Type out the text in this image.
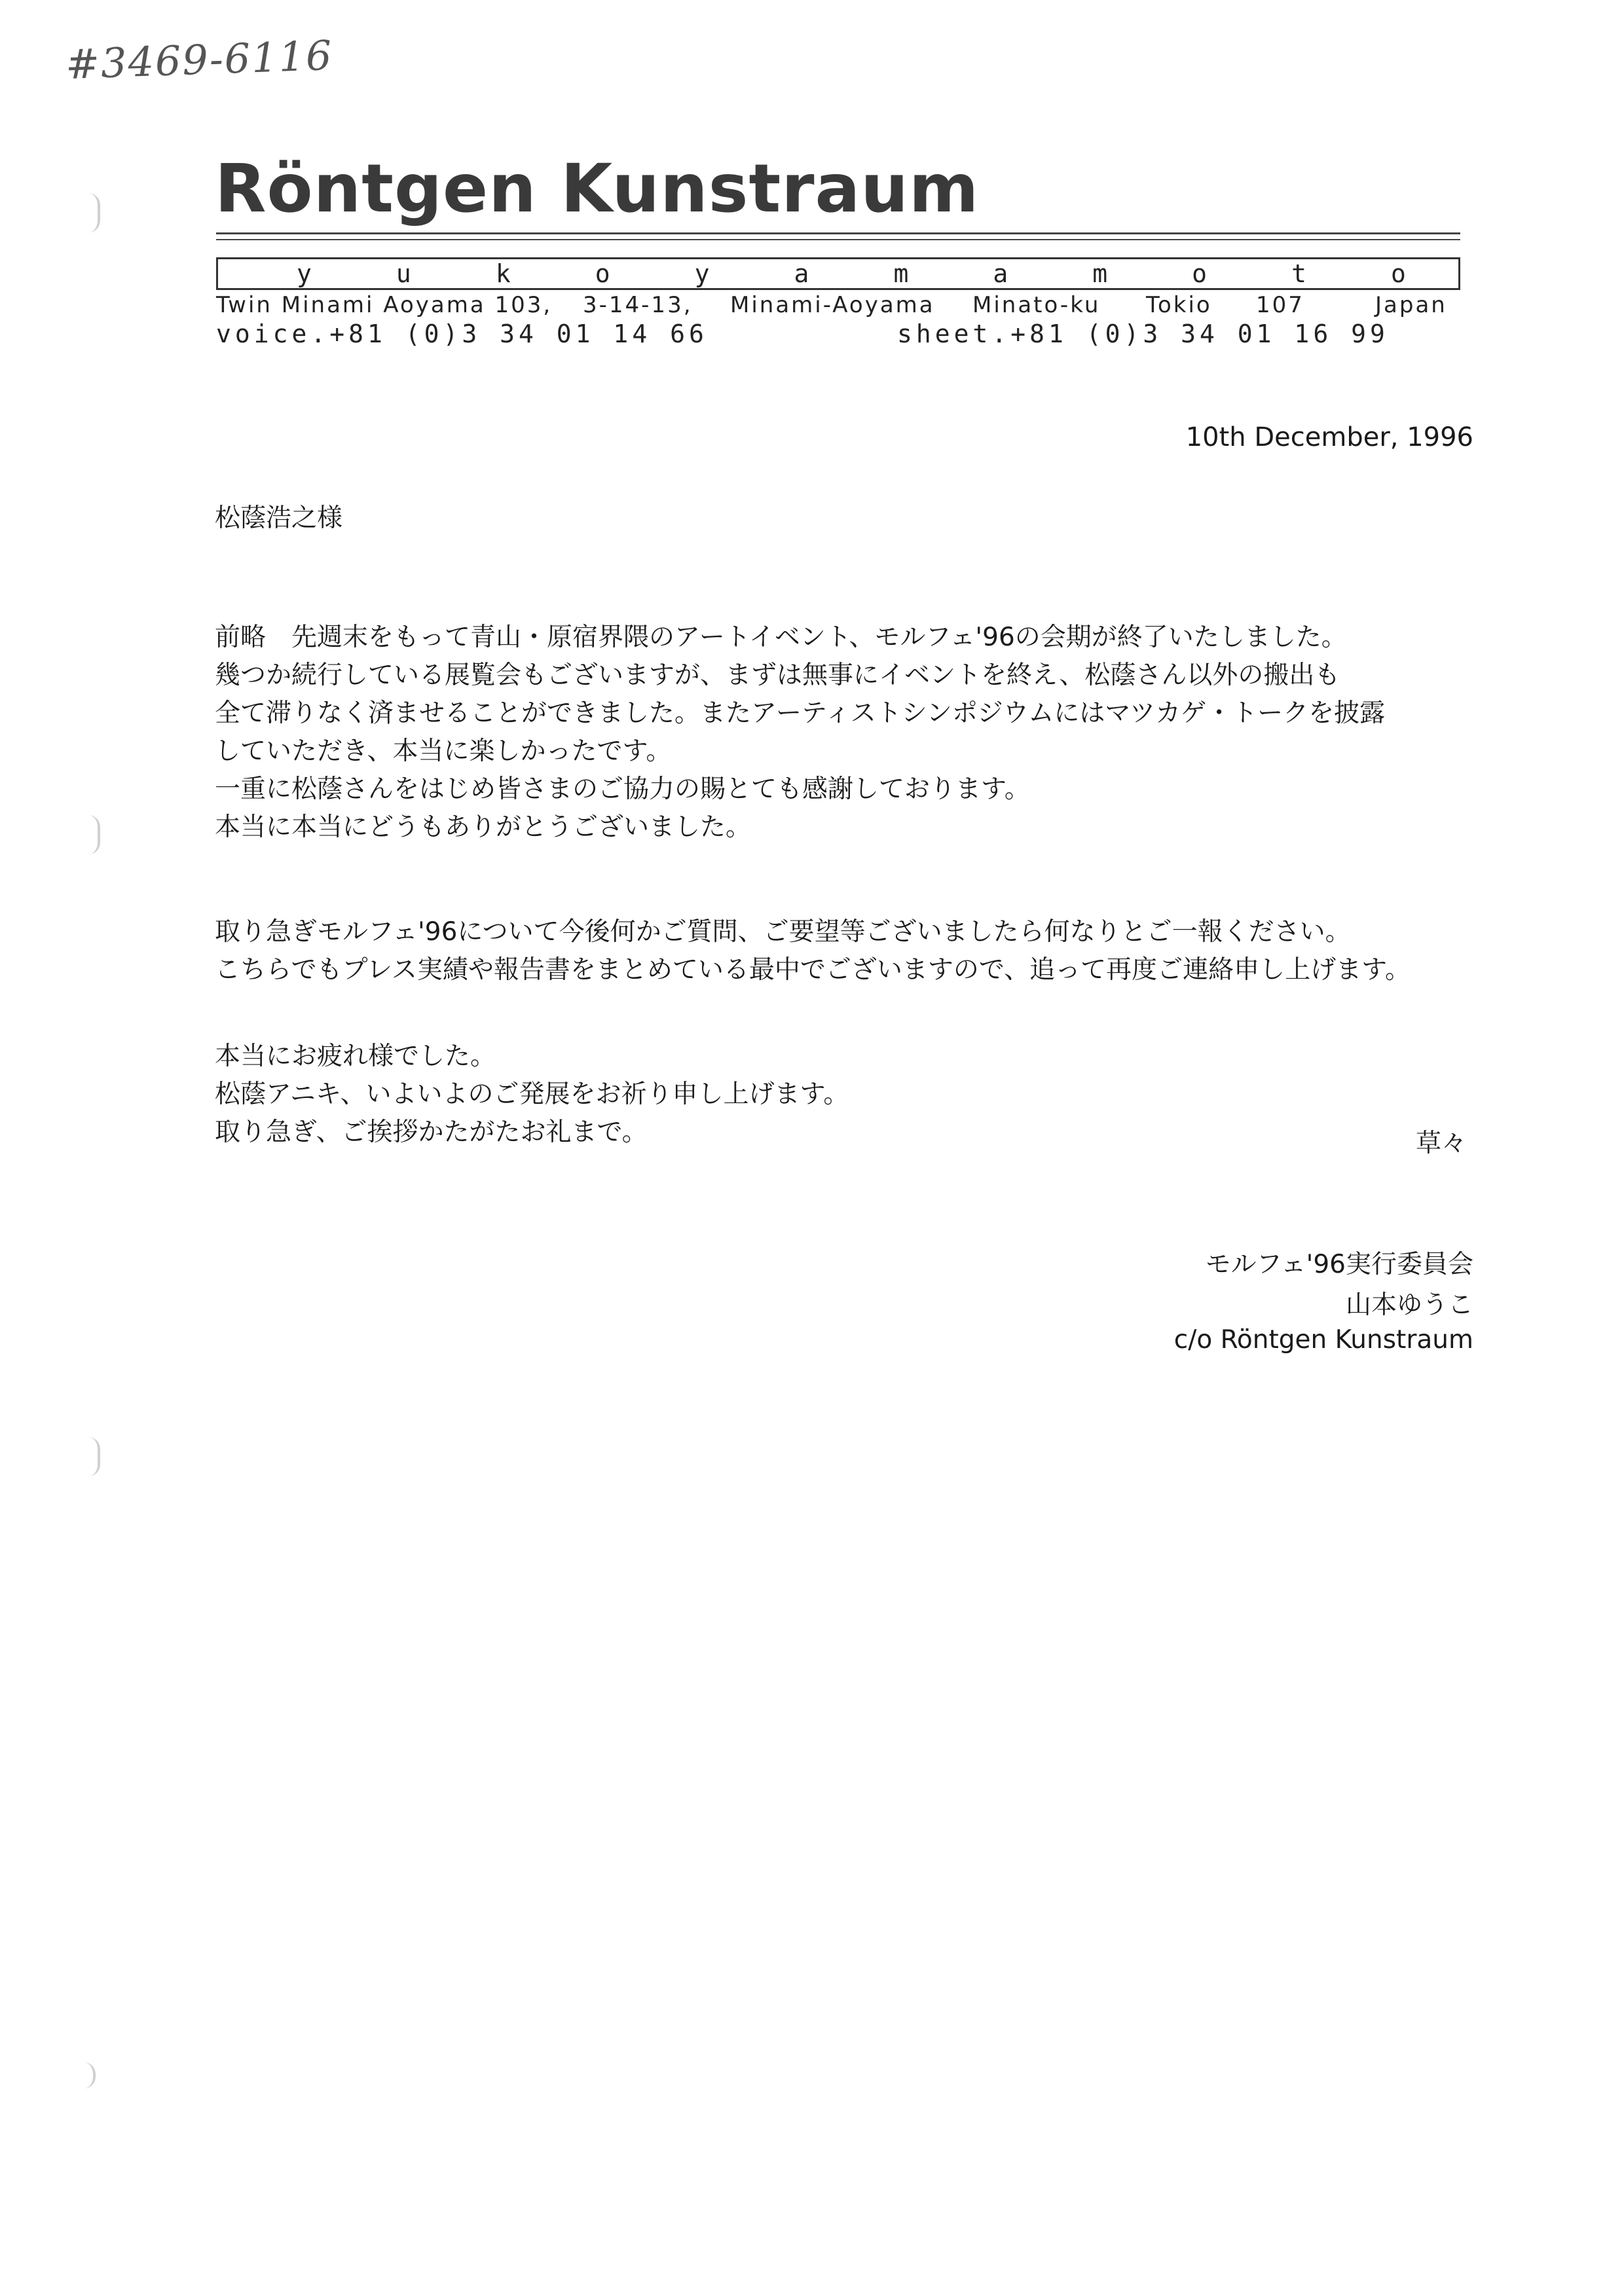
#3469-6116
Röntgen Kunstraum
y	u	k	o	y	a	m	a	m	o	t	o
Twin Minami Aoyama 103, 3-14-13, Minami-Aoyama Minato-ku Tokio 107	Japan
voice.+81 (0)3 34 01 14 66	sheet.+81 (0)3 34 01 16 99
10th December, 1996
松蔭浩之様
前略　先週末をもって青山・原宿界隈のアートイベント、モルフェ'96の会期が終了いたしました。
幾つか続行している展覧会もございますが、まずは無事にイベントを終え、松蔭さん以外の搬出も
全て滞りなく済ませることができました。またアーティストシンポジウムにはマツカゲ・トークを披露
していただき、本当に楽しかったです。
一重に松蔭さんをはじめ皆さまのご協力の賜とても感謝しております。
本当に本当にどうもありがとうございました。
取り急ぎモルフェ'96について今後何かご質問、ご要望等ございましたら何なりとご一報ください。
こちらでもプレス実績や報告書をまとめている最中でございますので、追って再度ご連絡申し上げます。
本当にお疲れ様でした。
松蔭アニキ、いよいよのご発展をお祈り申し上げます。
取り急ぎ、ご挨拶かたがたお礼まで。	草々
モルフェ'96実行委員会
山本ゆうこ
c/o Röntgen Kunstraum
